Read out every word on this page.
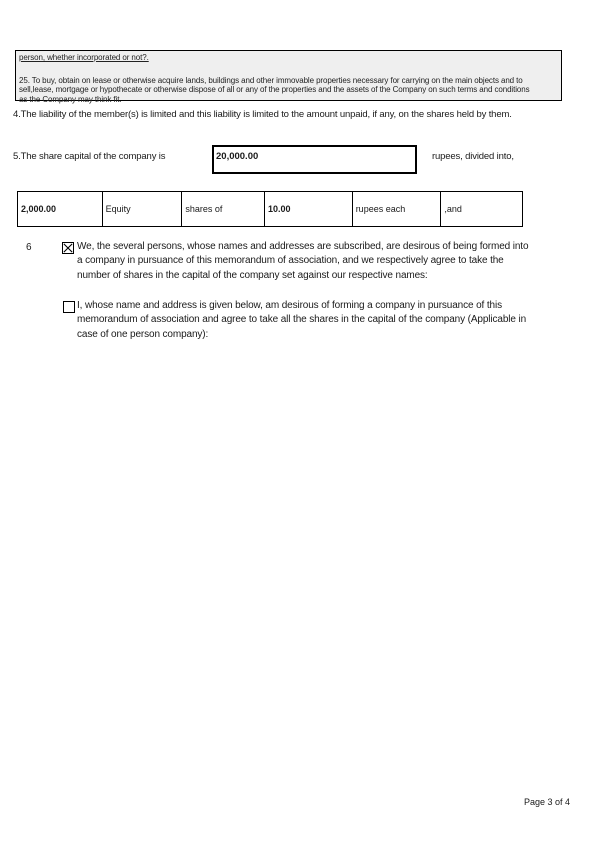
person, whether incorporated or not?.
25. To buy, obtain on lease or otherwise acquire lands, buildings and other immovable properties necessary for carrying on the main objects and to sell,lease, mortgage or hypothecate or otherwise dispose of all or any of the properties and the assets of the Company on such terms and conditions as the Company may think fit.
4.The liability of the member(s) is limited and this liability is limited to the amount unpaid, if any, on the shares held by them.
5.The share capital of the company is	20,000.00	rupees, divided into,
2,000.00	Equity	shares of	10.00	rupees each	,and
6	We, the several persons, whose names and addresses are subscribed, are desirous of being formed into a company in pursuance of this memorandum of association, and we respectively agree to take the number of shares in the capital of the company set against our respective names:
I, whose name and address is given below, am desirous of forming a company in pursuance of this memorandum of association and agree to take all the shares in the capital of the company (Applicable in case of one person company):
Page 3 of 4
